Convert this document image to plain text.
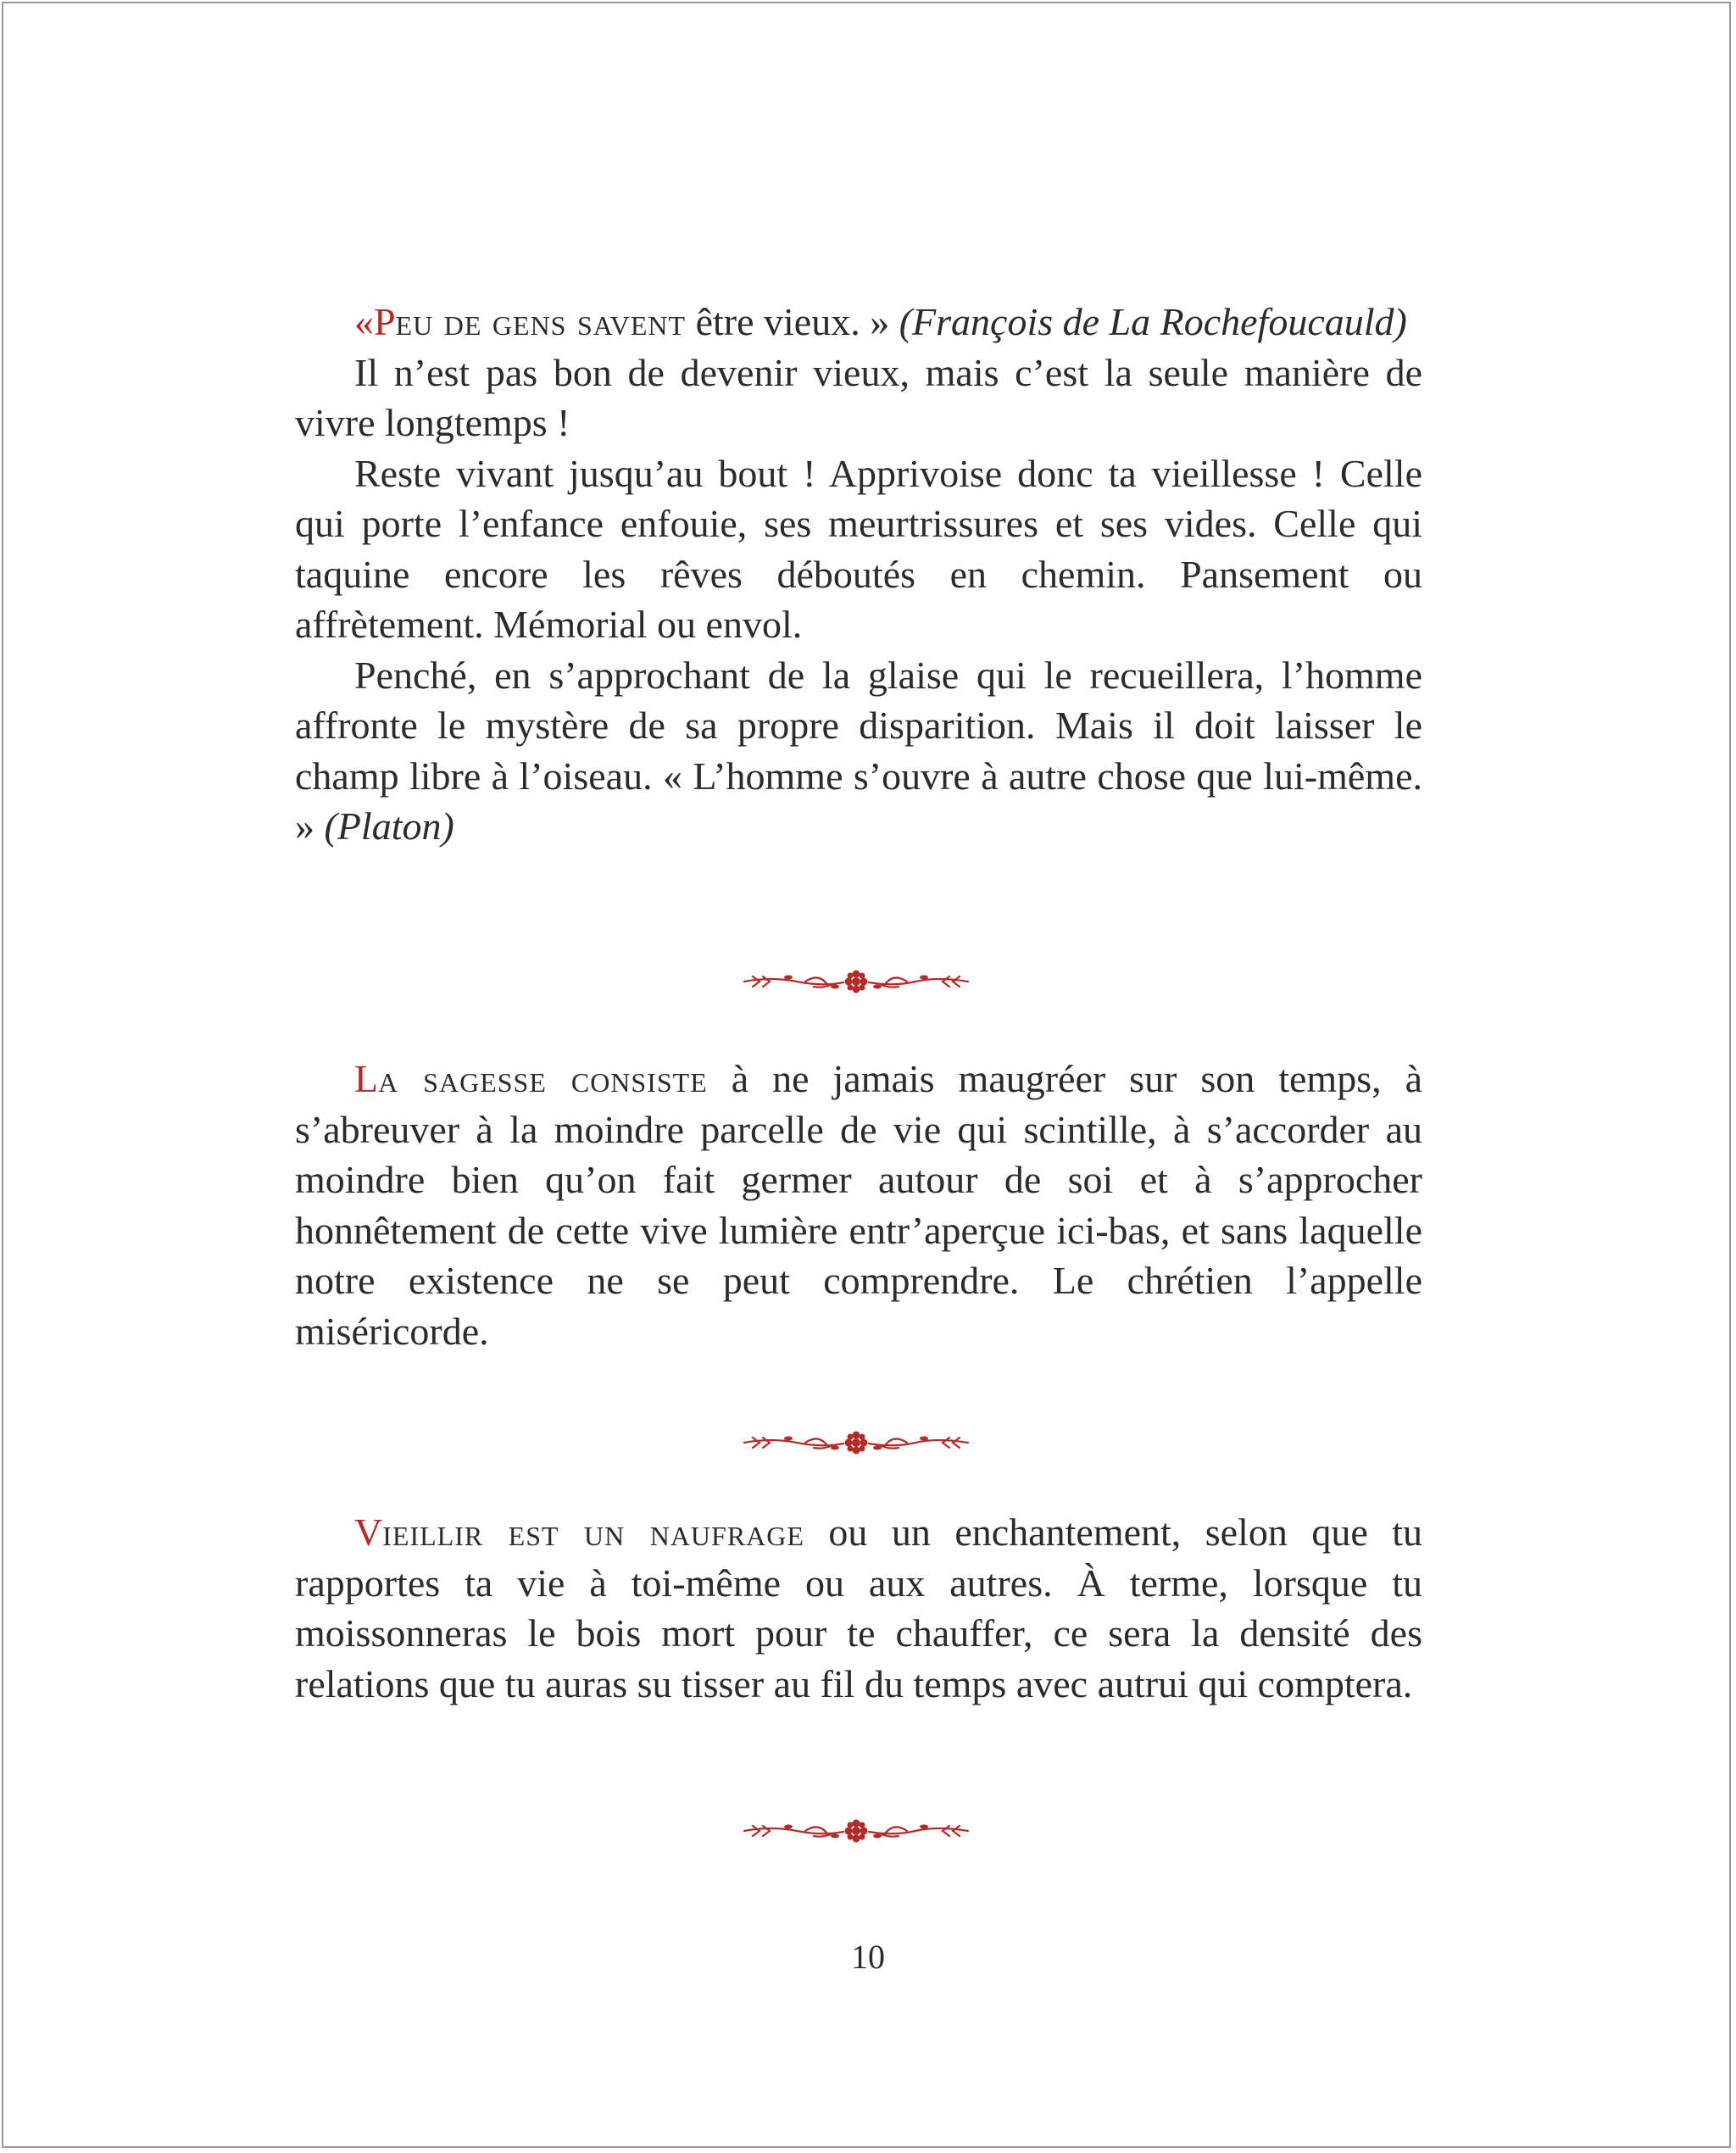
«Peu de gens savent être vieux. » (François de La Rochefoucauld)

Il n’est pas bon de devenir vieux, mais c’est la seule manière de vivre longtemps !

Reste vivant jusqu’au bout ! Apprivoise donc ta vieillesse ! Celle qui porte l’enfance enfouie, ses meurtrissures et ses vides. Celle qui taquine encore les rêves déboutés en chemin. Pansement ou affrètement. Mémorial ou envol.

Penché, en s’approchant de la glaise qui le recueillera, l’homme affronte le mystère de sa propre disparition. Mais il doit laisser le champ libre à l’oiseau. « L’homme s’ouvre à autre chose que lui-même. » (Platon)

La sagesse consiste à ne jamais maugréer sur son temps, à s’abreuver à la moindre parcelle de vie qui scintille, à s’accorder au moindre bien qu’on fait germer autour de soi et à s’approcher honnêtement de cette vive lumière entr’aperçue ici-bas, et sans laquelle notre existence ne se peut comprendre. Le chrétien l’appelle miséricorde.

Vieillir est un naufrage ou un enchantement, selon que tu rapportes ta vie à toi-même ou aux autres. À terme, lorsque tu moissonneras le bois mort pour te chauffer, ce sera la densité des relations que tu auras su tisser au fil du temps avec autrui qui comptera.

10
